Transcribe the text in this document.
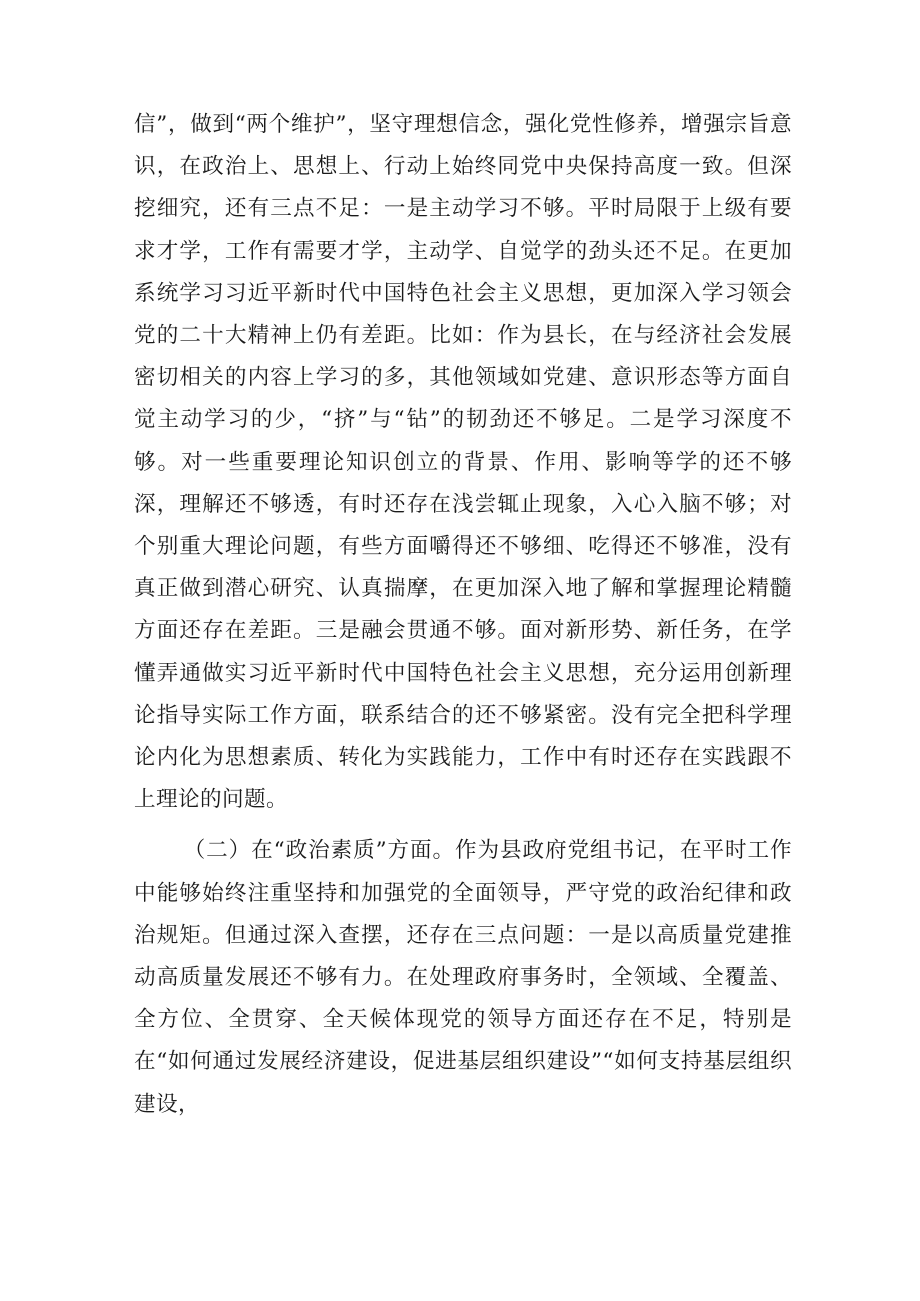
信”，做到“两个维护”，坚守理想信念，强化党性修养，增强宗旨意识，在政治上、思想上、行动上始终同党中央保持高度一致。但深挖细究，还有三点不足：一是主动学习不够。平时局限于上级有要求才学，工作有需要才学，主动学、自觉学的劲头还不足。在更加系统学习习近平新时代中国特色社会主义思想，更加深入学习领会党的二十大精神上仍有差距。比如：作为县长，在与经济社会发展密切相关的内容上学习的多，其他领域如党建、意识形态等方面自觉主动学习的少，“挤”与“钻”的韧劲还不够足。二是学习深度不够。对一些重要理论知识创立的背景、作用、影响等学的还不够深，理解还不够透，有时还存在浅尝辄止现象，入心入脑不够；对个别重大理论问题，有些方面嚼得还不够细、吃得还不够准，没有真正做到潜心研究、认真揣摩，在更加深入地了解和掌握理论精髓方面还存在差距。三是融会贯通不够。面对新形势、新任务，在学懂弄通做实习近平新时代中国特色社会主义思想，充分运用创新理论指导实际工作方面，联系结合的还不够紧密。没有完全把科学理论内化为思想素质、转化为实践能力，工作中有时还存在实践跟不上理论的问题。

（二）在“政治素质”方面。作为县政府党组书记，在平时工作中能够始终注重坚持和加强党的全面领导，严守党的政治纪律和政治规矩。但通过深入查摆，还存在三点问题：一是以高质量党建推动高质量发展还不够有力。在处理政府事务时，全领域、全覆盖、全方位、全贯穿、全天候体现党的领导方面还存在不足，特别是在“如何通过发展经济建设，促进基层组织建设”“如何支持基层组织建设，
